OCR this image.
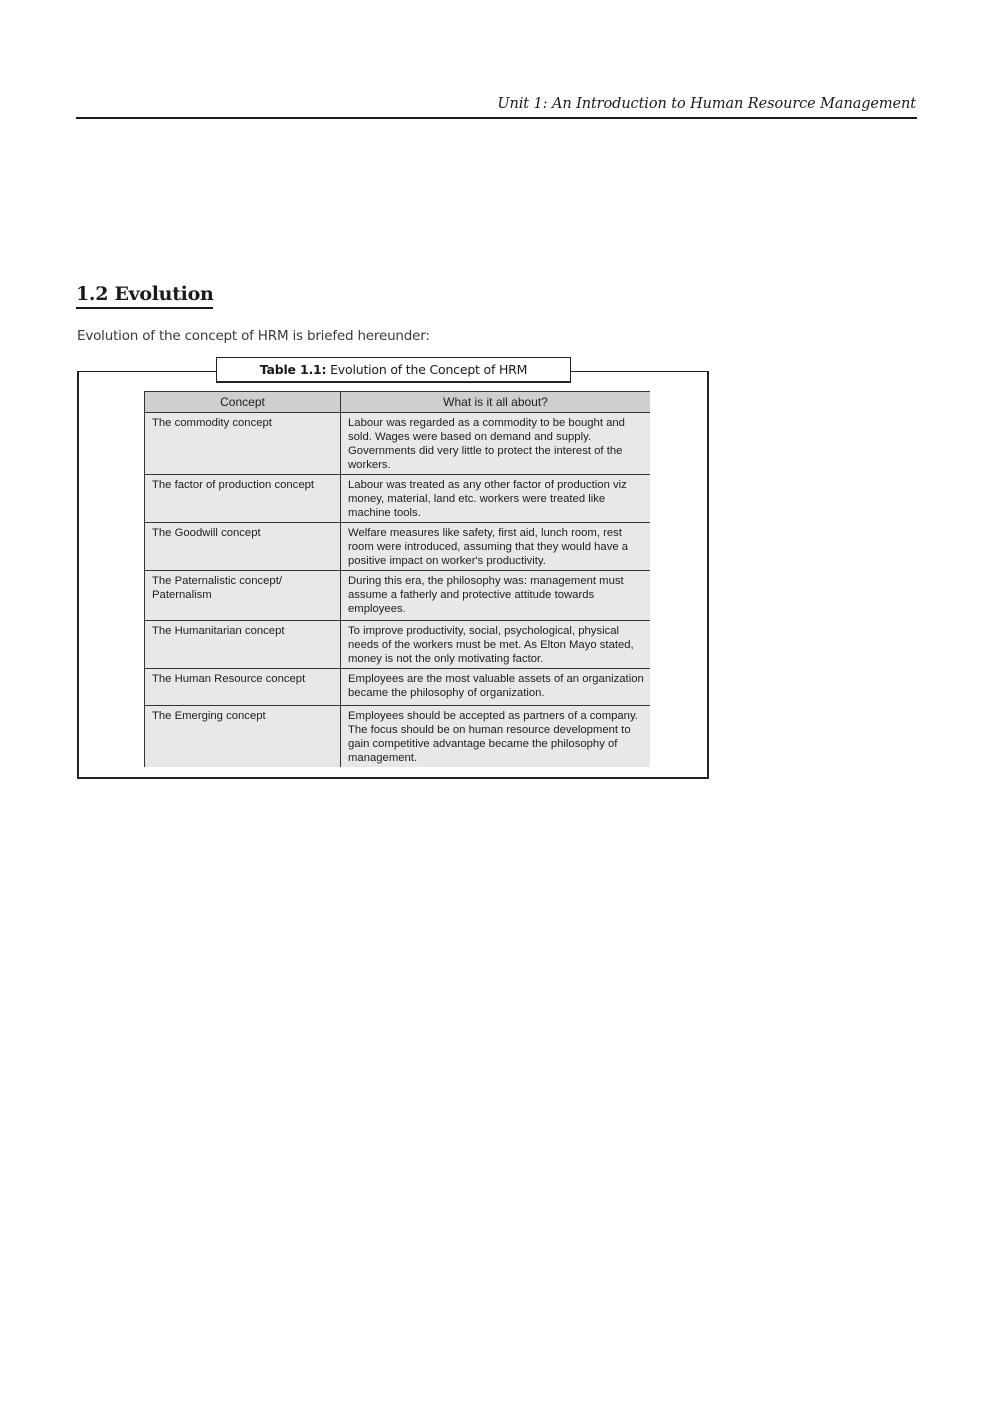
Unit 1: An Introduction to Human Resource Management
1.2 Evolution
Evolution of the concept of HRM is briefed hereunder:
Table 1.1: Evolution of the Concept of HRM
Concept	What is it all about?
The commodity concept	Labour was regarded as a commodity to be bought and sold. Wages were based on demand and supply. Governments did very little to protect the interest of the workers.
The factor of production concept	Labour was treated as any other factor of production viz money, material, land etc. workers were treated like machine tools.
The Goodwill concept	Welfare measures like safety, first aid, lunch room, rest room were introduced, assuming that they would have a positive impact on worker's productivity.
The Paternalistic concept/ Paternalism	During this era, the philosophy was: management must assume a fatherly and protective attitude towards employees.
The Humanitarian concept	To improve productivity, social, psychological, physical needs of the workers must be met. As Elton Mayo stated, money is not the only motivating factor.
The Human Resource concept	Employees are the most valuable assets of an organization became the philosophy of organization.
The Emerging concept	Employees should be accepted as partners of a company. The focus should be on human resource development to gain competitive advantage became the philosophy of management.
